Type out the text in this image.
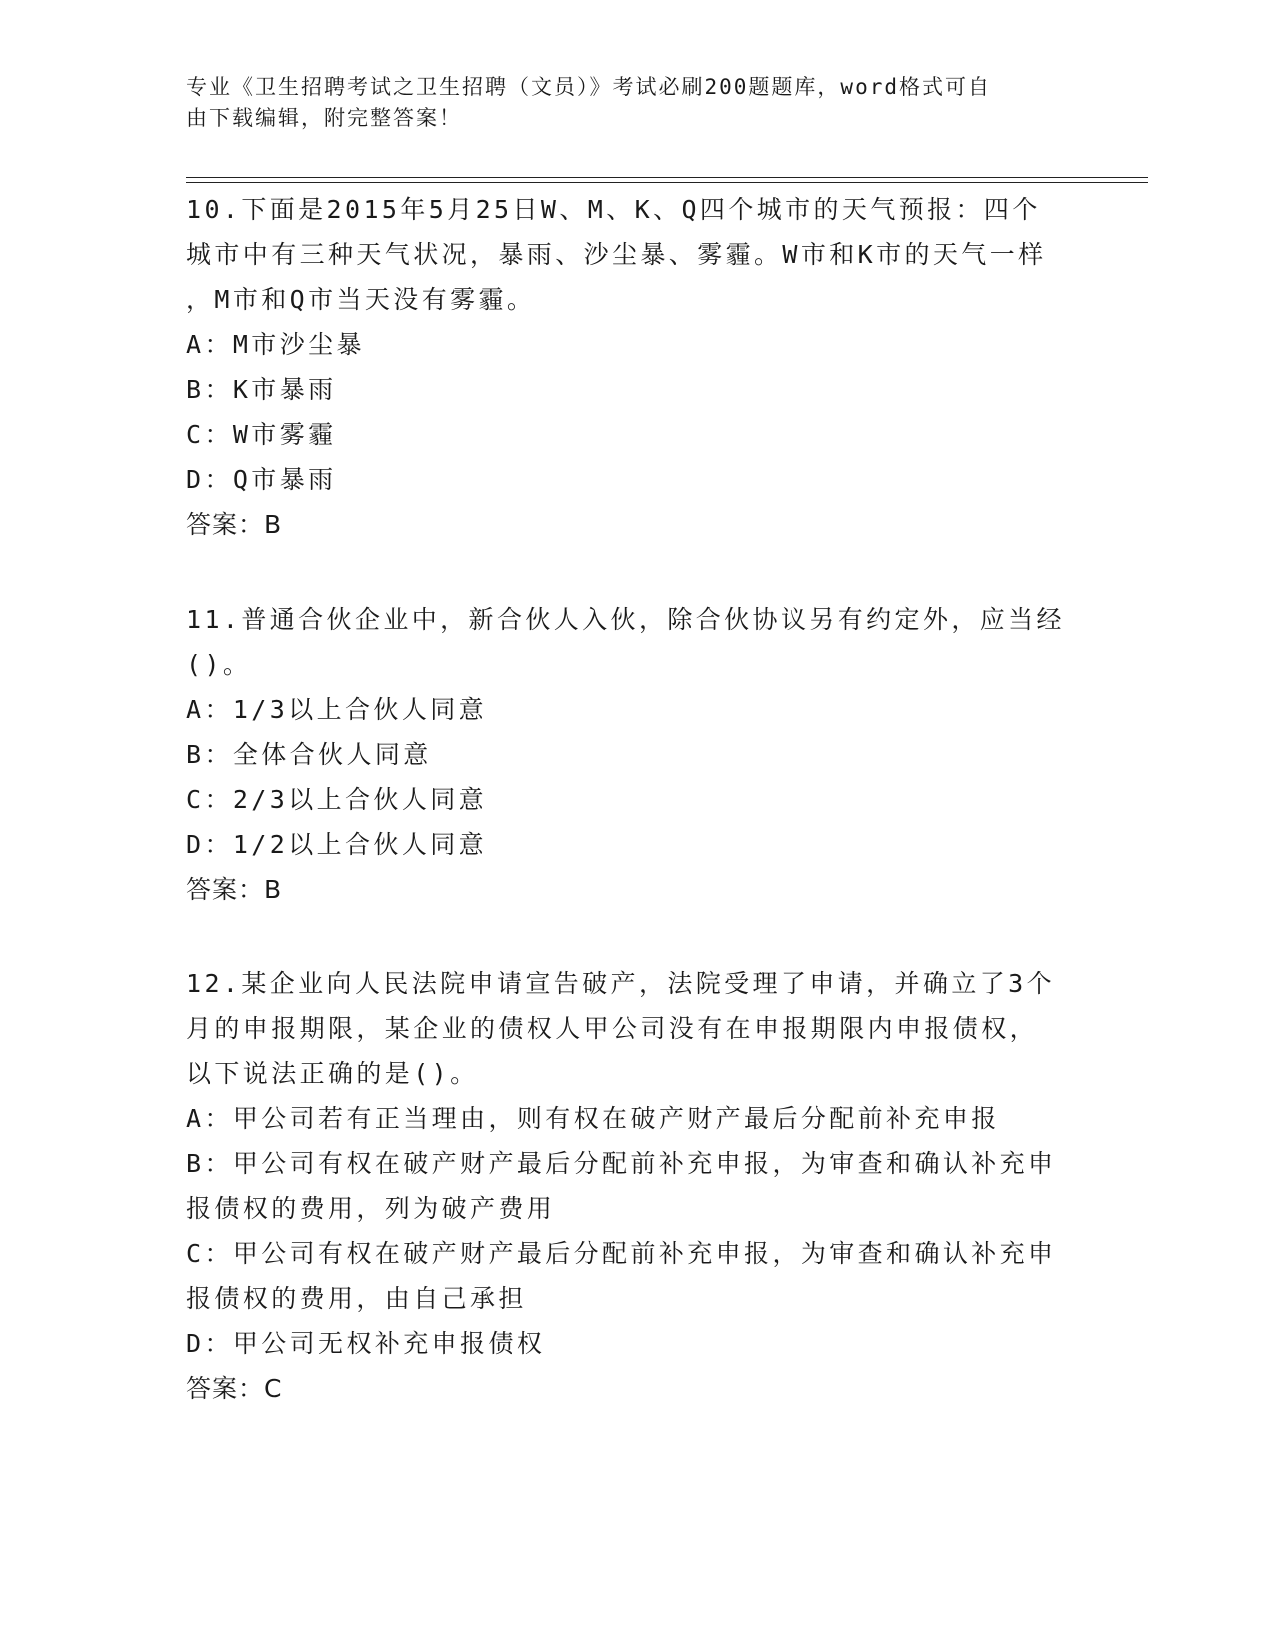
专业《卫生招聘考试之卫生招聘（文员）》考试必刷200题题库，word格式可自
由下载编辑，附完整答案！

10.下面是2015年5月25日W、M、K、Q四个城市的天气预报：四个

城市中有三种天气状况，暴雨、沙尘暴、雾霾。W市和K市的天气一样

，M市和Q市当天没有雾霾。

A： M市沙尘暴

B： K市暴雨

C： W市雾霾

D： Q市暴雨

答案：B

11.普通合伙企业中，新合伙人入伙，除合伙协议另有约定外，应当经

()。

A： 1/3以上合伙人同意

B： 全体合伙人同意

C： 2/3以上合伙人同意

D： 1/2以上合伙人同意

答案：B

12.某企业向人民法院申请宣告破产，法院受理了申请，并确立了3个

月的申报期限，某企业的债权人甲公司没有在申报期限内申报债权，

以下说法正确的是()。

A： 甲公司若有正当理由，则有权在破产财产最后分配前补充申报

B： 甲公司有权在破产财产最后分配前补充申报，为审查和确认补充申

报债权的费用，列为破产费用

C： 甲公司有权在破产财产最后分配前补充申报，为审查和确认补充申

报债权的费用，由自己承担

D： 甲公司无权补充申报债权

答案：C
